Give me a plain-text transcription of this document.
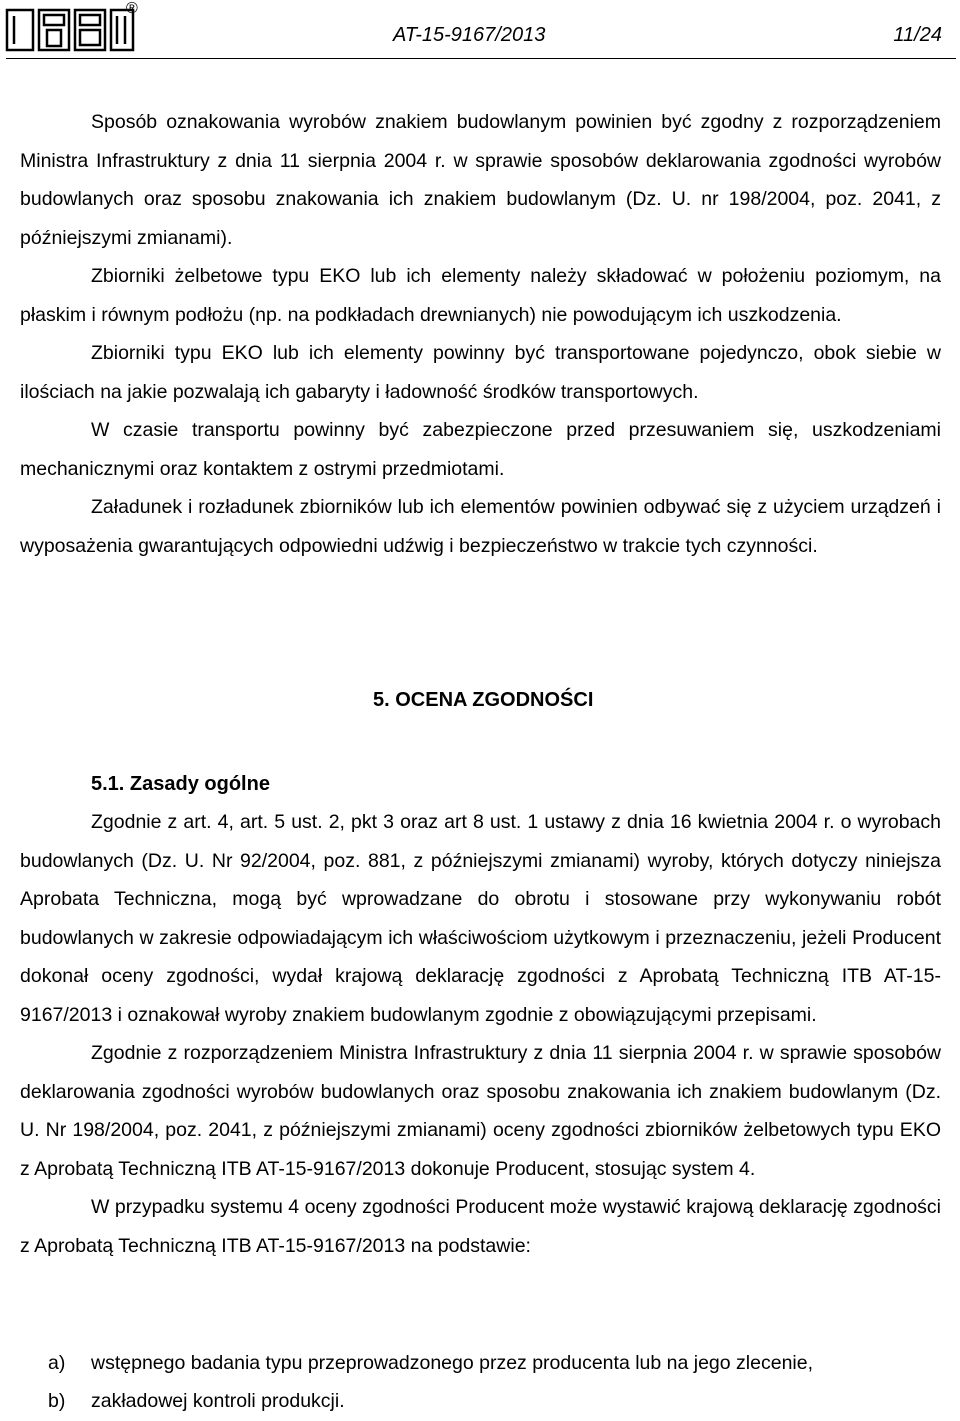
®
AT-15-9167/2013	11/24

Sposób oznakowania wyrobów znakiem budowlanym powinien być zgodny z rozporządzeniem Ministra Infrastruktury z dnia 11 sierpnia 2004 r. w sprawie sposobów deklarowania zgodności wyrobów budowlanych oraz sposobu znakowania ich znakiem budowlanym (Dz. U. nr 198/2004, poz. 2041, z późniejszymi zmianami).

Zbiorniki żelbetowe typu EKO lub ich elementy należy składować w położeniu poziomym, na płaskim i równym podłożu (np. na podkładach drewnianych) nie powodującym ich uszkodzenia.

Zbiorniki typu EKO lub ich elementy powinny być transportowane pojedynczo, obok siebie w ilościach na jakie pozwalają ich gabaryty i ładowność środków transportowych.

W czasie transportu powinny być zabezpieczone przed przesuwaniem się, uszkodzeniami mechanicznymi oraz kontaktem z ostrymi przedmiotami.

Załadunek i rozładunek zbiorników lub ich elementów powinien odbywać się z użyciem urządzeń i wyposażenia gwarantujących odpowiedni udźwig i bezpieczeństwo w trakcie tych czynności.

5. OCENA ZGODNOŚCI
5.1. Zasady ogólne

Zgodnie z art. 4, art. 5 ust. 2, pkt 3 oraz art 8 ust. 1 ustawy z dnia 16 kwietnia 2004 r. o wyrobach budowlanych (Dz. U. Nr 92/2004, poz. 881, z późniejszymi zmianami) wyroby, których dotyczy niniejsza Aprobata Techniczna, mogą być wprowadzane do obrotu i stosowane przy wykonywaniu robót budowlanych w zakresie odpowiadającym ich właściwościom użytkowym i przeznaczeniu, jeżeli Producent dokonał oceny zgodności, wydał krajową deklarację zgodności z Aprobatą Techniczną ITB AT-15-9167/2013 i oznakował wyroby znakiem budowlanym zgodnie z obowiązującymi przepisami.

Zgodnie z rozporządzeniem Ministra Infrastruktury z dnia 11 sierpnia 2004 r. w sprawie sposobów deklarowania zgodności wyrobów budowlanych oraz sposobu znakowania ich znakiem budowlanym (Dz. U. Nr 198/2004, poz. 2041, z późniejszymi zmianami) oceny zgodności zbiorników żelbetowych typu EKO z Aprobatą Techniczną ITB AT-15-9167/2013 dokonuje Producent, stosując system 4.

W przypadku systemu 4 oceny zgodności Producent może wystawić krajową deklarację zgodności z Aprobatą Techniczną ITB AT-15-9167/2013 na podstawie:

a) wstępnego badania typu przeprowadzonego przez producenta lub na jego zlecenie,
b) zakładowej kontroli produkcji.
